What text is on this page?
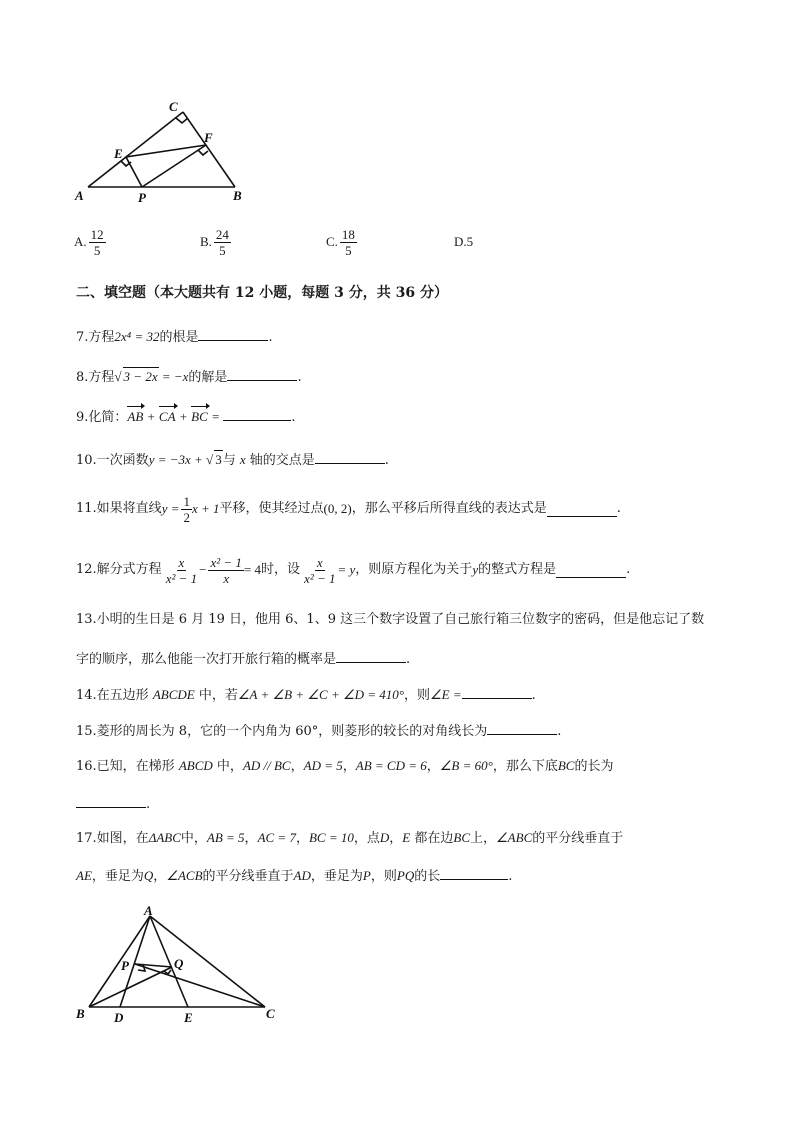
C
F
E
A	P	B
A. $\frac{12}{5}$	B. $\frac{24}{5}$	C. $\frac{18}{5}$	D. 5
二、填空题（本大题共有 12 小题，每题 3 分，共 36 分）
7.方程2x⁴ = 32的根是	.
8.方程√ 3 − 2x = −x的解是	.
9.化简：AB + CA + BC =	.
10.一次函数y = −3x + √ 3与 x 轴的交点是	.
11.如果将直线 $y = \frac{1}{2}$ x + 1 平移，使其经过点 (0, 2) ，那么平移后所得直线的表达式是	.
12.解分式方程 $\frac{x}{\text{x² − 1}} - \frac{\text{x² − 1}}{x} = 4$ 时，设 $\frac{x}{\text{x² − 1}} = y$ ，则原方程化为关于 y 的整式方程是	.
13.小明的生日是 6 月 19 日，他用 6、1、9 这三个数字设置了自己旅行箱三位数字的密码，但是他忘记了数
字的顺序，那么他能一次打开旅行箱的概率是	.
14.在五边形 ABCDE 中，若∠A + ∠B + ∠C + ∠D = 410°，则∠E =	.
15.菱形的周长为 8，它的一个内角为 60°，则菱形的较长的对角线长为	.
16.已知，在梯形 ABCD 中，AD // BC，AD = 5，AB = CD = 6，∠B = 60°，那么下底BC的长为
.
17.如图，在ΔABC中，AB = 5，AC = 7，BC = 10，点D，E 都在边BC上，∠ABC的平分线垂直于
AE，垂足为Q，∠ACB的平分线垂直于AD，垂足为P，则PQ的长	.
A
P	Q
B D	E	C
